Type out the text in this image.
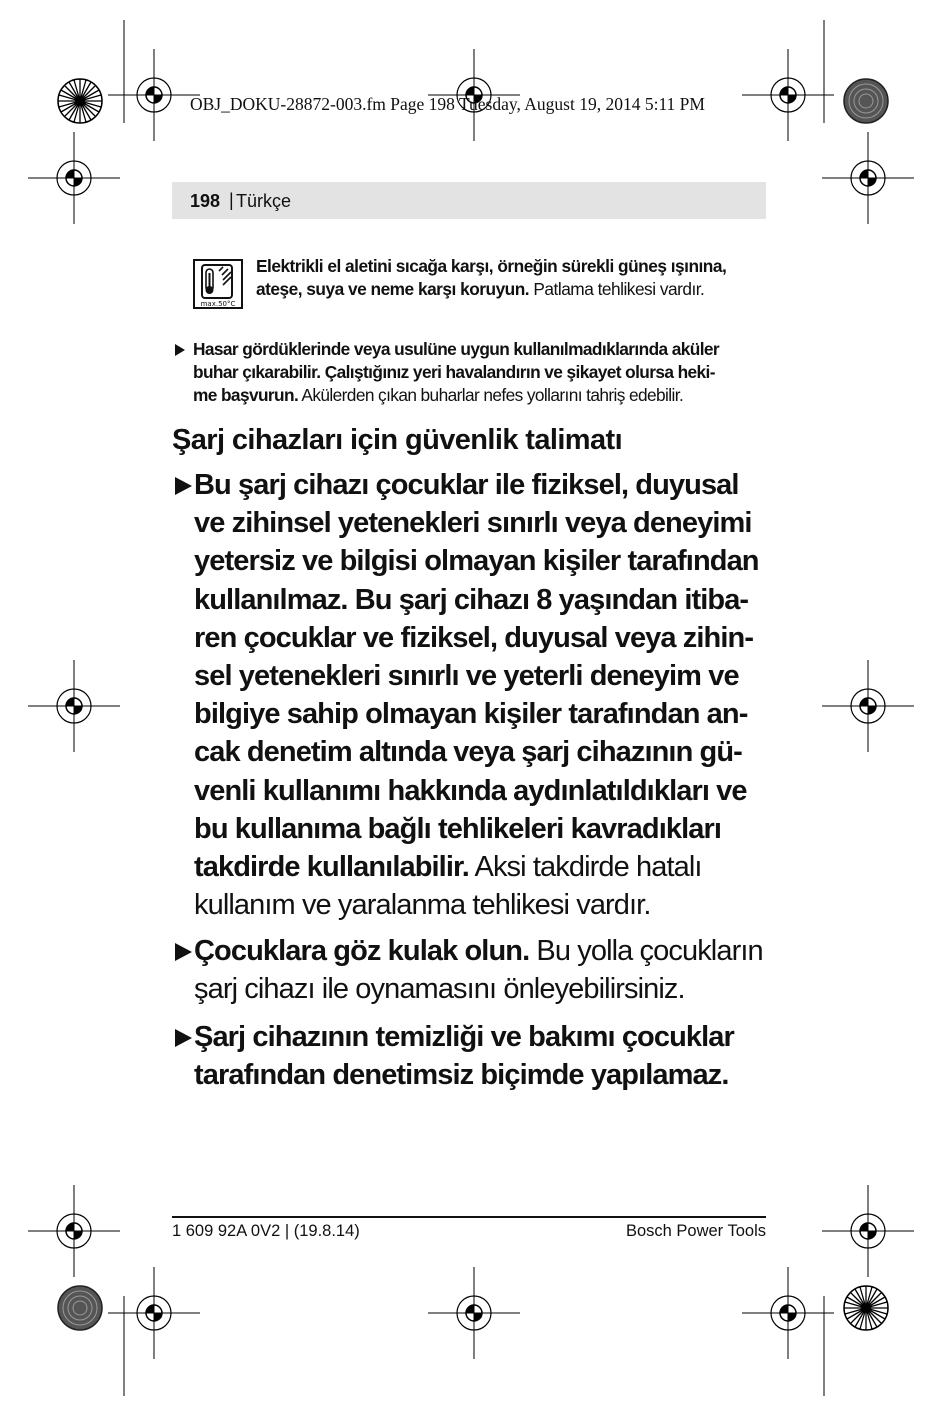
OBJ_DOKU-28872-003.fm Page 198 Tuesday, August 19, 2014 5:11 PM
198 | Türkçe
max.50°C
Elektrikli el aletini sıcağa karşı, örneğin sürekli güneş ışınına,
ateşe, suya ve neme karşı koruyun. Patlama tehlikesi vardır.
Hasar gördüklerinde veya usulüne uygun kullanılmadıklarında aküler
buhar çıkarabilir. Çalıştığınız yeri havalandırın ve şikayet olursa heki-
me başvurun. Akülerden çıkan buharlar nefes yollarını tahriş edebilir.
Şarj cihazları için güvenlik talimatı
Bu şarj cihazı çocuklar ile fiziksel, duyusal
ve zihinsel yetenekleri sınırlı veya deneyimi
yetersiz ve bilgisi olmayan kişiler tarafından
kullanılmaz. Bu şarj cihazı 8 yaşından itiba-
ren çocuklar ve fiziksel, duyusal veya zihin-
sel yetenekleri sınırlı ve yeterli deneyim ve
bilgiye sahip olmayan kişiler tarafından an-
cak denetim altında veya şarj cihazının gü-
venli kullanımı hakkında aydınlatıldıkları ve
bu kullanıma bağlı tehlikeleri kavradıkları
takdirde kullanılabilir. Aksi takdirde hatalı
kullanım ve yaralanma tehlikesi vardır.
Çocuklara göz kulak olun. Bu yolla çocukların
şarj cihazı ile oynamasını önleyebilirsiniz.
Şarj cihazının temizliği ve bakımı çocuklar
tarafından denetimsiz biçimde yapılamaz.
1 609 92A 0V2 | (19.8.14)	Bosch Power Tools
